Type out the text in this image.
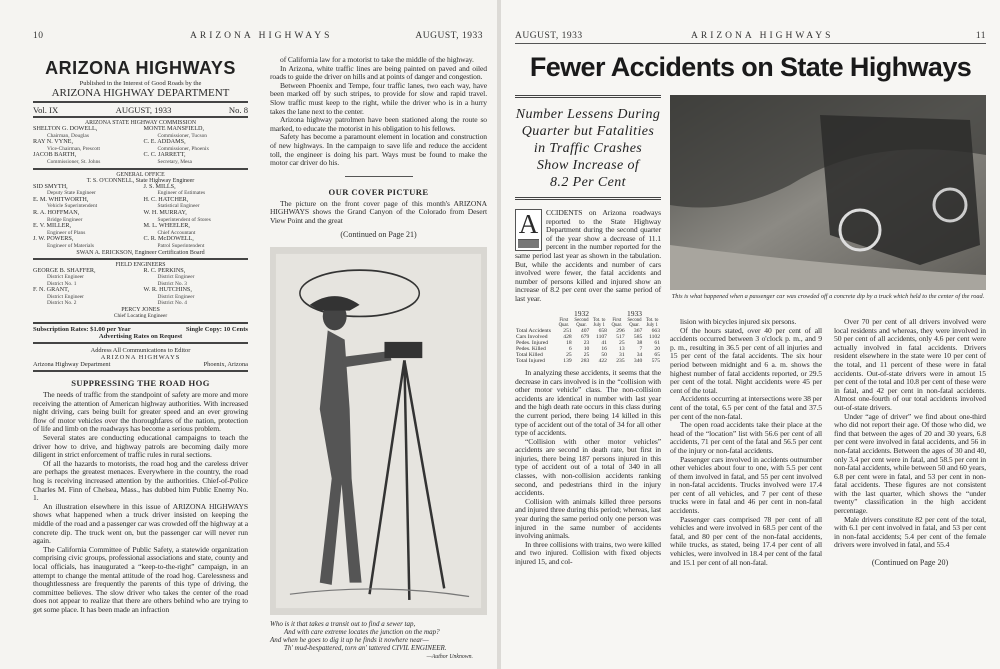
10	ARIZONA HIGHWAYS	AUGUST, 1933
ARIZONA HIGHWAYS
Published in the Interest of Good Roads by the
ARIZONA HIGHWAY DEPARTMENT
Vol. IX	AUGUST, 1933	No. 8
ARIZONA STATE HIGHWAY COMMISSION
SHELTON G. DOWELL,
Chairman, Douglas
MONTE MANSFIELD,
Commissioner, Tucson
RAY N. VYNE,
Vice-Chairman, Prescott
C. E. ADDAMS,
Commissioner, Phoenix
JACOB BARTH,
Commissioner, St. Johns
C. C. JARRETT,
Secretary, Mesa
GENERAL OFFICE
T. S. O'CONNELL, State Highway Engineer
SID SMYTH,
Deputy State Engineer
J. S. MILLS,
Engineer of Estimates
E. M. WHITWORTH,
Vehicle Superintendent
H. C. HATCHER,
Statistical Engineer
R. A. HOFFMAN,
Bridge Engineer
W. H. MURRAY,
Superintendent of Stores
E. V. MILLER,
Engineer of Plans
M. L. WHEELER,
Chief Accountant
J. W. POWERS,
Engineer of Materials
C. R. McDOWELL,
Patrol Superintendent
SWAN A. ERICKSON, Engineer Certification Board
FIELD ENGINEERS
GEORGE B. SHAFFER,
District Engineer
District No. 1
R. C. PERKINS,
District Engineer
District No. 3
F. N. GRANT,
District Engineer
District No. 2
W. R. HUTCHINS,
District Engineer
District No. 4
PERCY JONES
Chief Locating Engineer
Subscription Rates: $1.00 per Year	Single Copy: 10 Cents
Advertising Rates on Request
Address All Communications to Editor
ARIZONA HIGHWAYS
Arizona Highway Department	Phoenix, Arizona
SUPPRESSING THE ROAD HOG

The needs of traffic from the standpoint of safety are more and more receiving the attention of American highway authorities. With increased night driving, cars being built for greater speed and an ever growing flow of motor vehicles over the thoroughfares of the nation, protection of life and limb on the roadways has become a serious problem.

Several states are conducting educational campaigns to teach the driver how to drive, and highway patrols are becoming daily more diligent in strict enforcement of traffic rules in rural sections.

Of all the hazards to motorists, the road hog and the careless driver are perhaps the greatest menaces. Everywhere in the country, the road hog is receiving increased attention by the authorities. Chief-of-Police Charles M. Finn of Chelsea, Mass., has dubbed him Public Enemy No. 1.

An illustration elsewhere in this issue of ARIZONA HIGHWAYS shows what happened when a truck driver insisted on keeping the middle of the road and a passenger car was crowded off the highway at a concrete dip. The truck went on, but the passenger car will never run again.

The California Committee of Public Safety, a statewide organization comprising civic groups, professional associations and state, county and local officials, has inaugurated a “keep-to-the-right” campaign, in an attempt to change the mental attitude of the road hog. Carelessness and thoughtlessness are frequently the parents of this type of driving, the committee believes. The slow driver who takes the center of the road does not appear to realize that there are others behind who are trying to get some place. It has been made an infraction

of California law for a motorist to take the middle of the highway.

In Arizona, white traffic lines are being painted on paved and oiled roads to guide the driver on hills and at points of danger and congestion.

Between Phoenix and Tempe, four traffic lanes, two each way, have been marked off by such stripes, to provide for slow and rapid travel. Slow traffic must keep to the right, while the driver who is in a hurry takes the lane next to the center.

Arizona highway patrolmen have been stationed along the route so marked, to educate the motorist in his obligation to his fellows.

Safety has become a paramount element in location and construction of new highways. In the campaign to save life and reduce the accident toll, the engineer is doing his part. Ways must be found to make the motor car driver do his.

OUR COVER PICTURE

The picture on the front cover page of this month's ARIZONA HIGHWAYS shows the Grand Canyon of the Colorado from Desert View Point and the great

(Continued on Page 21)
Who is it that takes a transit out to find a sewer tap,
And with care extreme locates the junction on the map?
And when he goes to dig it up he finds it nowhere near—
Th' mud-bespattered, torn an' tattered CIVIL ENGINEER.
—Author Unknown.
AUGUST, 1933	ARIZONA HIGHWAYS	11
Fewer Accidents on State Highways
Number Lessens During
Quarter but Fatalities
in Traffic Crashes
Show Increase of
8.2 Per Cent
A	CCIDENTS on Arizona roadways reported to the State Highway Department during the second quarter of the year show a decrease of 11.1 percent in the number reported for the same period last year as shown in the tabulation. But, while the accidents and number of cars involved were fewer, the fatal accidents and number of persons killed and injured show an increase of 8.2 per cent over the same period of last year.

1932	1933
	First Quar.	Second Quar.	Tot. to July 1	First Quar.	Second Quar.	Tot. to July 1
Total Accidents	251	407	658	296	367	663
Cars Involved	428	679	1107	517	585	1102
Pedes. Injured	18	23	41	25	38	61
Pedes. Killed	6	10	16	13	7	20
Total Killed	25	25	50	31	34	65
Total Injured	139	283	422	235	340	575

In analyzing these accidents, it seems that the decrease in cars involved is in the “collision with other motor vehicle” class. The non-collision accidents are identical in number with last year and the high death rate occurs in this class during the current period, there being 14 killed in this type of accident out of the total of 34 for all other type of accidents.

“Collision with other motor vehicles” accidents are second in death rate, but first in injuries, there being 187 persons injured in this type of accident out of a total of 340 in all classes, with non-collision accidents ranking second, and pedestrians third in the injury accidents.

Collision with animals killed three persons and injured three during this period; whereas, last year during the same period only one person was injured in the same number of accidents involving animals.

In three collisions with trains, two were killed and two injured. Collision with fixed objects injured 15, and col-

This is what happened when a passenger car was crowded off a concrete dip by a truck which held to the center of the road.

lision with bicycles injured six persons.

Of the hours stated, over 40 per cent of all accidents occurred between 3 o'clock p. m., and 9 p. m., resulting in 36.5 per cent of all injuries and 15 per cent of the fatal accidents. The six hour period between midnight and 6 a. m. shows the highest number of fatal accidents reported, or 29.5 per cent of the total. Night accidents were 45 per cent of the total.

Accidents occurring at intersections were 38 per cent of the total, 6.5 per cent of the fatal and 37.5 per cent of the non-fatal.

The open road accidents take their place at the head of the “location” list with 56.6 per cent of all accidents, 71 per cent of the fatal and 56.5 per cent of the injury or non-fatal accidents.

Passenger cars involved in accidents outnumber other vehicles about four to one, with 5.5 per cent of them involved in fatal, and 55 per cent involved in non-fatal accidents. Trucks involved were 17.4 per cent of all vehicles, and 7 per cent of these trucks were in fatal and 46 per cent in non-fatal accidents.

Passenger cars comprised 78 per cent of all vehicles and were involved in 68.5 per cent of the fatal, and 80 per cent of the non-fatal accidents, while trucks, as stated, being 17.4 per cent of all vehicles, were involved in 18.4 per cent of the fatal and 15.1 per cent of all non-fatal.

Over 70 per cent of all drivers involved were local residents and whereas, they were involved in 50 per cent of all accidents, only 4.6 per cent were actually involved in fatal accidents. Drivers resident elsewhere in the state were 10 per cent of the total, and 11 percent of these were in fatal accidents. Out-of-state drivers were in amout 15 per cent of the total and 10.8 per cent of these were in fatal, and 42 per cent in non-fatal accidents. Almost one-fourth of our total accidents involved out-of-state drivers.

Under “age of driver” we find about one-third who did not report their age. Of those who did, we find that between the ages of 20 and 30 years, 6.8 per cent were involved in fatal accidents, and 56 in non-fatal accidents. Between the ages of 30 and 40, only 3.4 per cent were in fatal, and 58.5 per cent in non-fatal accidents, while between 50 and 60 years, 6.8 per cent were in fatal, and 53 per cent in non-fatal accidents. These figures are not consistent with the last quarter, which shows the “under twenty” classification in the high accident percentage.

Male drivers constitute 82 per cent of the total, with 6.1 per cent involved in fatal, and 53 per cent in non-fatal accidents; 5.4 per cent of the female drivers were involved in fatal, and 55.4

(Continued on Page 20)
